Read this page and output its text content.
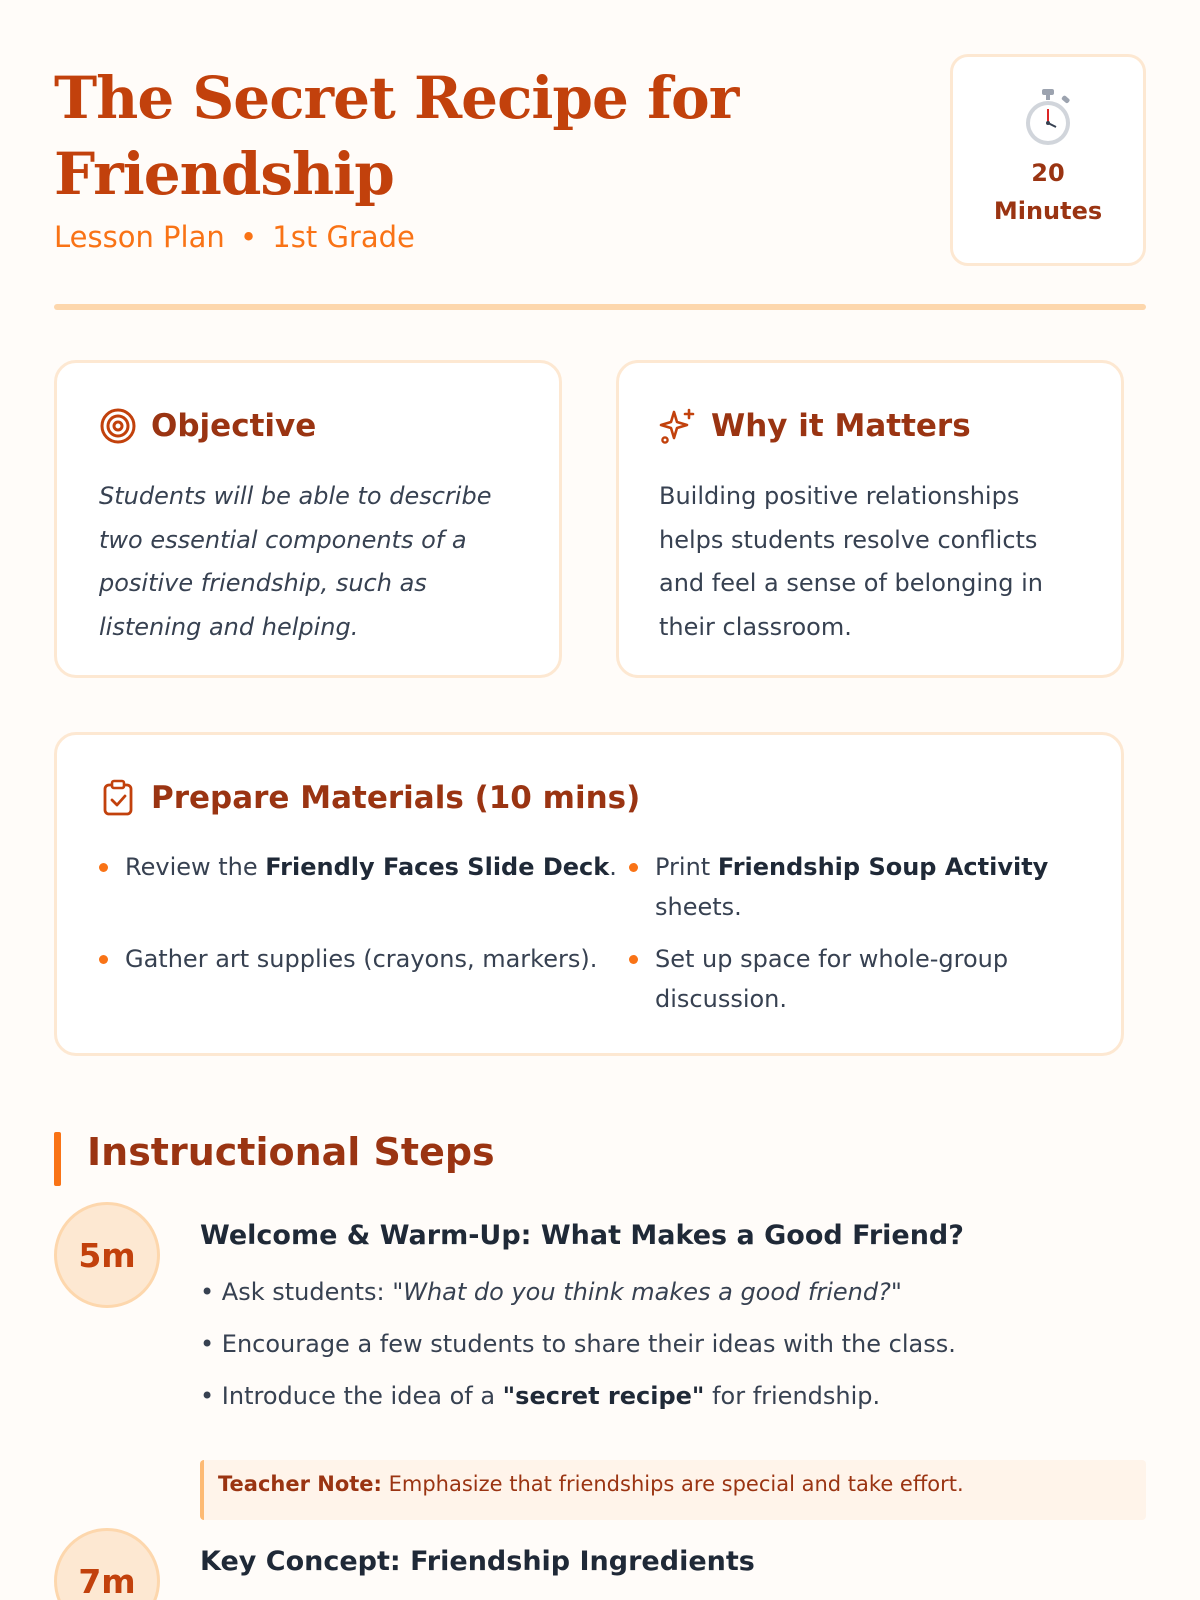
The Secret Recipe for Friendship
Lesson Plan • 1st Grade
20
Minutes
Objective

Students will be able to describe two essential components of a positive friendship, such as listening and helping.

Why it Matters

Building positive relationships helps students resolve conflicts and feel a sense of belonging in their classroom.

Prepare Materials (10 mins)
Review the Friendly Faces Slide Deck.	Print Friendship Soup Activity sheets.
Gather art supplies (crayons, markers).	Set up space for whole-group discussion.
Instructional Steps
5m	Welcome & Warm-Up: What Makes a Good Friend?
• Ask students: "What do you think makes a good friend?"
• Encourage a few students to share their ideas with the class.
• Introduce the idea of a "secret recipe" for friendship.
Teacher Note: Emphasize that friendships are special and take effort.
7m	Key Concept: Friendship Ingredients
